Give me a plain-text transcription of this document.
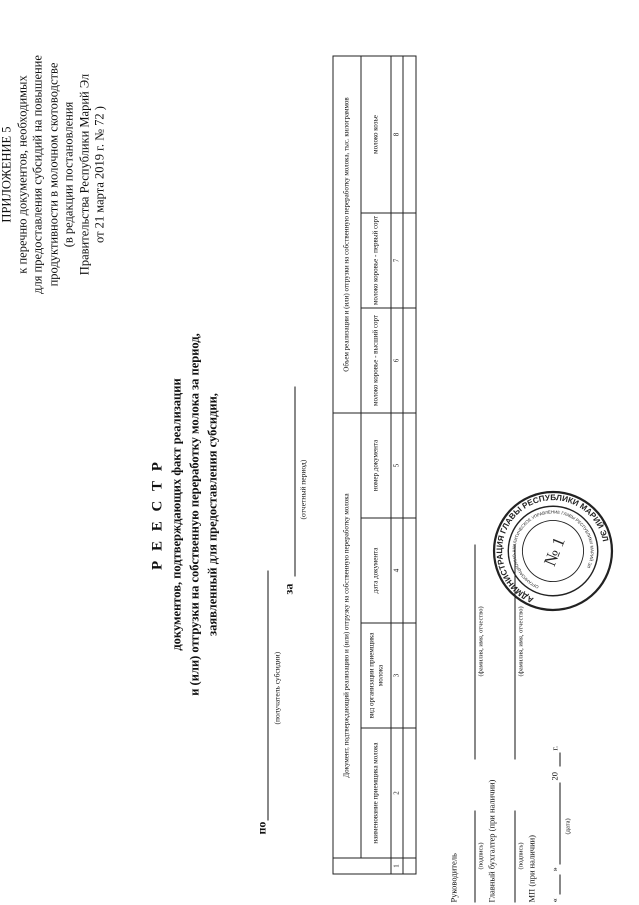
ПРИЛОЖЕНИЕ 5 к перечню документов, необходимых для предоставления субсидий на повышение продуктивности в молочном скотоводстве (в редакции постановления Правительства Республики Марий Эл от 21 марта 2019 г. № 72 )
Р Е Е С Т Р документов, подтверждающих факт реализации и (или) отгрузки на собственную переработку молока за период, заявленный для предоставления субсидии,
по
(получатель субсидии)
за
(отчетный период)
	Документ, подтверждающий реализацию и (или) отгрузку на собственную переработку молока				Объем реализации и (или) отгрузки на собственную переработку молока, тыс. килограммов		
	наименование приемщика молока	вид организации приемщика молока	дата документа	номер документа	молоко коровье - высший сорт	молоко коровье - первый сорт	молоко козье
1	2	3	4	5	6	7	8

Руководитель	(подпись)
(фамилия, имя, отчество)
Главный бухгалтер (при наличии)	(подпись)
(фамилия, имя, отчество)
МП (при наличии) «
»
20
г.
(дата)
АДМИНИСТРАЦИЯ ГЛАВЫ РЕСПУБЛИКИ МАРИЙ ЭЛ
ОРГАНИЗАЦИОННО-АНАЛИТИЧЕСКОЕ УПРАВЛЕНИЕ ГЛАВЫ РЕСПУБЛИКИ МАРИЙ ЭЛ
№ 1
